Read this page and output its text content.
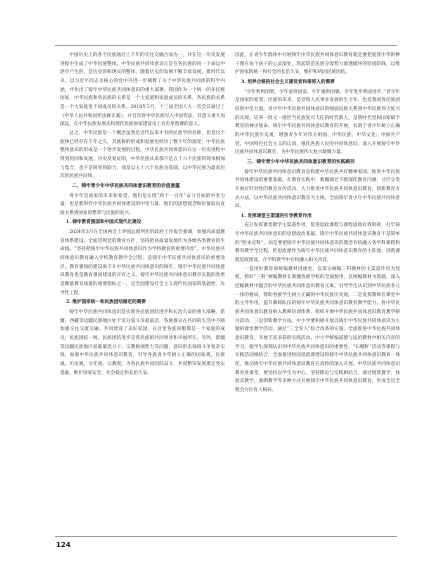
中国历史上的各个民族通过上千年的交往交融合而为一，并在这一历史发展进程中生成了中华民族整体。中华民族共同体意识正是在各民族的同一个命运中逐步产生的，是历史的和现实的整体，随着历史的发展不断丰富发展。新时代以来，以习近平同志为核心的党中央进一步阐释了关于中华民族共同体的科学内涵，并作出了铸牢中华民族共同体意识的重大部署。我国作为一个统一的多民族国家，中华民族和各民族的关系是一个大家庭和家庭成员的关系，各民族的关系是一个大家庭里不同成员的关系。2018年3月，十三届全国人大一次会议通过了《中华人民共和国宪法修正案》，并首次将中华民族写入中国宪法，其意义重大而深远，在中华民族发展史和现代民族国家建设史上具有里程碑的意义。

总之，中华民族是一个概念虽然是近代以来才有的民族学的名称，但是这个族体已经存在千年之久，其族称的形成和发展也经历了数千年的演变；中华民族整体意识的形成是一个逐步发展的过程，中华民族共同体意识在这一历史进程中得到巩固和发展。历史反复证明，中华民族从来都不是五十六个民族的简单相加与集合，也不是简单的联合，而是以五十六个民族为基础，以中华民族为最高层次的民族共同体。

二、铸牢青少年中华民族共同体意识教育的价值意蕴

青少年是国家的未来和希望，他们是实现“两个一百年”奋斗目标的中坚力量，也是新时代中华民族共同体建设的中坚力量，他们的思想观念和价值取向直接关系到国家的繁荣与民族的复兴。

1. 铸牢教育强国和中国式现代化建设

2024年3月在全国两会上李强总理所作的政府工作报告强调，加强高质量教育体系建设。全面贯彻党的教育方针，坚持把高质量发展作为各级各类教育的生命线。“坚持把铸牢中华民族共同体意识作为学校教育的重要内容”，中华民族共同体意识教育融入学校教育教学全过程，是铸牢中华民族共同体意识的重要途径。教育强国的建设离不开中华民族共同体意识的铸牢，铸牢中华民族共同体意识教育也是教育强国建设的应有之义。铸牢中华民族共同体意识教育实施的效果是衡量教育质量的重要指标之一，是全面建设社会主义现代化国家的基础性、先导性工程。

2. 维护国家统一和民族团结稳定的需要

铸牢中华民族共同体意识是实现各民族团结进步和长治久安的重大战略。新疆、西藏等边疆民族地区处于反分裂斗争最前沿，各族群众在共同的生活中不断加强交往交流交融。共同建设了美好家园，在这里各族同胞都是一个家庭的成员，民族团结一统、民族团结进步是各民族的共同事业和幸福所在。另外，新疆等边疆民族地区面临暴恐分子、宗教极端势力等问题，意识形态领域斗争复杂尖锐，加强中华民族共同体意识教育，引导各族青少年树立正确的国家观、民族观、历史观、文化观、宗教观，为各民族共同团结奋斗、共同繁荣发展奠定坚实基础，维护国家安全、社会稳定和长治久安。

因此，在青少年群体中开展铸牢中华民族共同体意识教育就是要把爱我中华的种子埋在每个孩子的心灵深处，筑起防范民族分裂势力渗透破坏的坚固防线，以维护国家的统一和社会的长治久安，维护和巩固民族团结。

3. 培养合格的社会主义建设者和接班人的需要

“少年智则国智，少年富则国富，少年强则国强。少年进步则国进步。”青少年是国家的希望、民族的未来，是党和人民事业发展的生力军，也是我国各民族团结的中坚力量。青少年中华民族共同体意识的强弱直接关系到中华民族伟大复兴的实现。培养一批又一批担当民族复兴大任的时代新人，是新时代党和国家赋予教育的神圣使命。铸牢中华民族共同体意识教育的开展，有助于青少年树立正确的中华民族历史观，增强青少年对伟大祖国、中华民族、中华文化、中国共产党、中国特色社会主义的认同，强化各族人民的共同体意识，深入开展铸牢中华民族共同体意识教育，为中华民族伟大复兴凝聚力量。

三、铸牢青少年中华民族共同体意识教育的实践路径

铸牢中华民族共同体意识教育是构建中华民族共有精神家园、推进中华民族共同体建设的重要基础。在教育实践中，新疆通过不断深化教育内涵，分层分类开展有针对性的教育宣传活动，大力推进中华民族共同体意识教育，创新教育方式方法，以中华民族共同体意识教育为主线，全面铸牢青少年中华民族共同体意识。

1. 发挥课堂主渠道的引导教育作用

充分发挥课堂教学主渠道作用，促进思政课程与课程思政有效衔接，打牢铸牢中华民族共同体意识的思想政治基础。铸牢中华民族共同体意识教育不是简单的“照本宣科”，而是要把铸牢中华民族共同体意识的理念有机融入各学科课程和教育教学全过程，把思政课作为铸牢中华民族共同体意识教育的主阵地，创新课程思政建设，在学科教学中有机融入相关内容。

一是用好教育部统编教材进课堂。以落实统编三科教材的主渠道作用为契机，抓好“三科”统编教材在新疆各族学校的全面使用，以统编教材为基础，深入挖掘教材中蕴含的中华民族共同体意识教育元素，引导学生认识到中华民族多元一体的格局，帮助各族学生树立正确的中华民族历史观。二是发挥教师在课堂中的主导作用，提升教师队伍的铸牢中华民族共同体意识教育教学能力。将中华民族共同体意识教育纳入教师培训体系，组织开展中华民族共同体意识教育教学研讨活动。三是创新教学方法。中小学要积极开展以铸牢中华民族共同体意识为主题的课堂教学活动，通过“三全育人”综合改革的实施，全面推进中华民族共同体意识教育，开展丰富多彩的实践活动。中小学统编道德与法治教材中相关内容的学习，使学生深刻认识到中华民族共同体意识的重要性，“石榴籽”活动等课程与实践活动相结合，全面推进校园思政课建设和铸牢中华民族共同体意识教育一体化，推动铸牢中华民族共同体意识教育在高校的深入开展。中华民族共同体意识教育进课堂，要坚持以学生为中心，坚持理论与实践相结合，通过情景教学、体验式教学、案例教学等多种方式开展铸牢中华民族共同体意识教育，形成全员全程全方位育人格局。

124
